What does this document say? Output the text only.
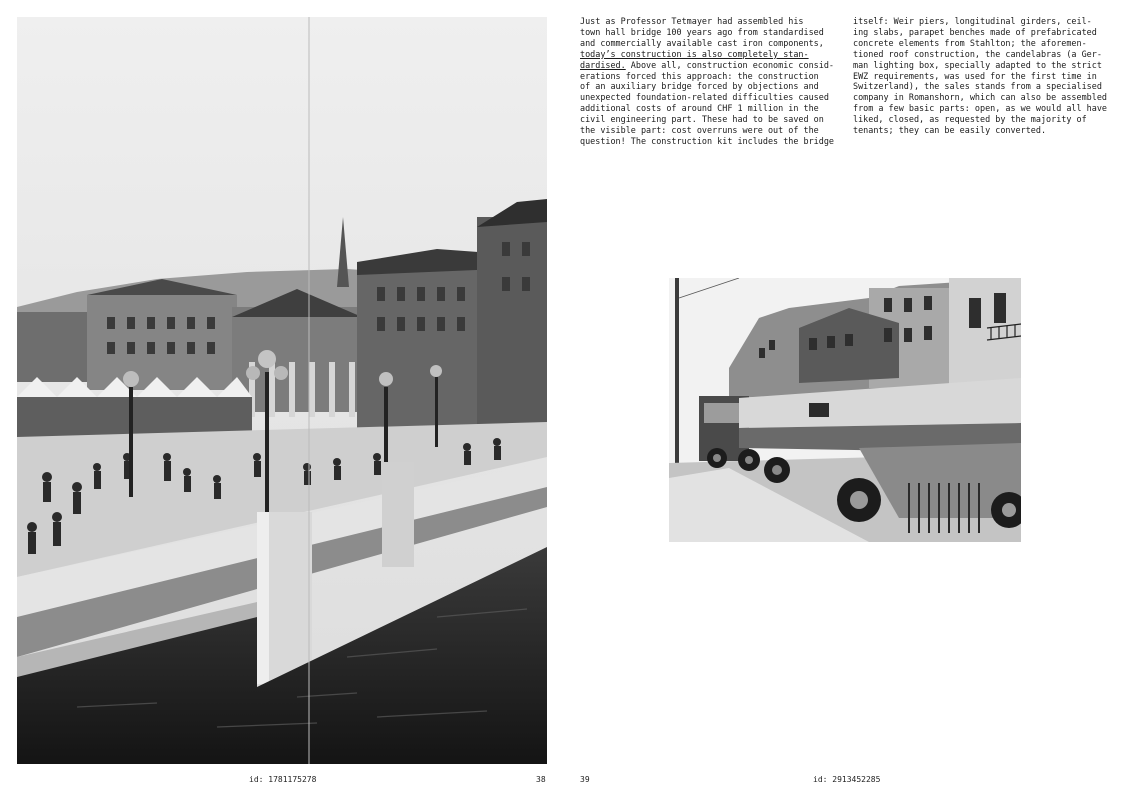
Just as Professor Tetmayer had assembled his
town hall bridge 100 years ago from standardised
and commercially available cast iron components,
today’s construction is also completely stan-
dardised. Above all, construction economic consid-
erations forced this approach: the construction
of an auxiliary bridge forced by objections and
unexpected foundation-related difficulties caused
additional costs of around CHF 1 million in the
civil engineering part. These had to be saved on
the visible part: cost overruns were out of the
question! The construction kit includes the bridge
itself: Weir piers, longitudinal girders, ceil-
ing slabs, parapet benches made of prefabricated
concrete elements from Stahlton; the aforemen-
tioned roof construction, the candelabras (a Ger-
man lighting box, specially adapted to the strict
EWZ requirements, was used for the first time in
Switzerland), the sales stands from a specialised
company in Romanshorn, which can also be assembled
from a few basic parts: open, as we would all have
liked, closed, as requested by the majority of
tenants; they can be easily converted.
id: 1781175278	38	39	id: 2913452285
